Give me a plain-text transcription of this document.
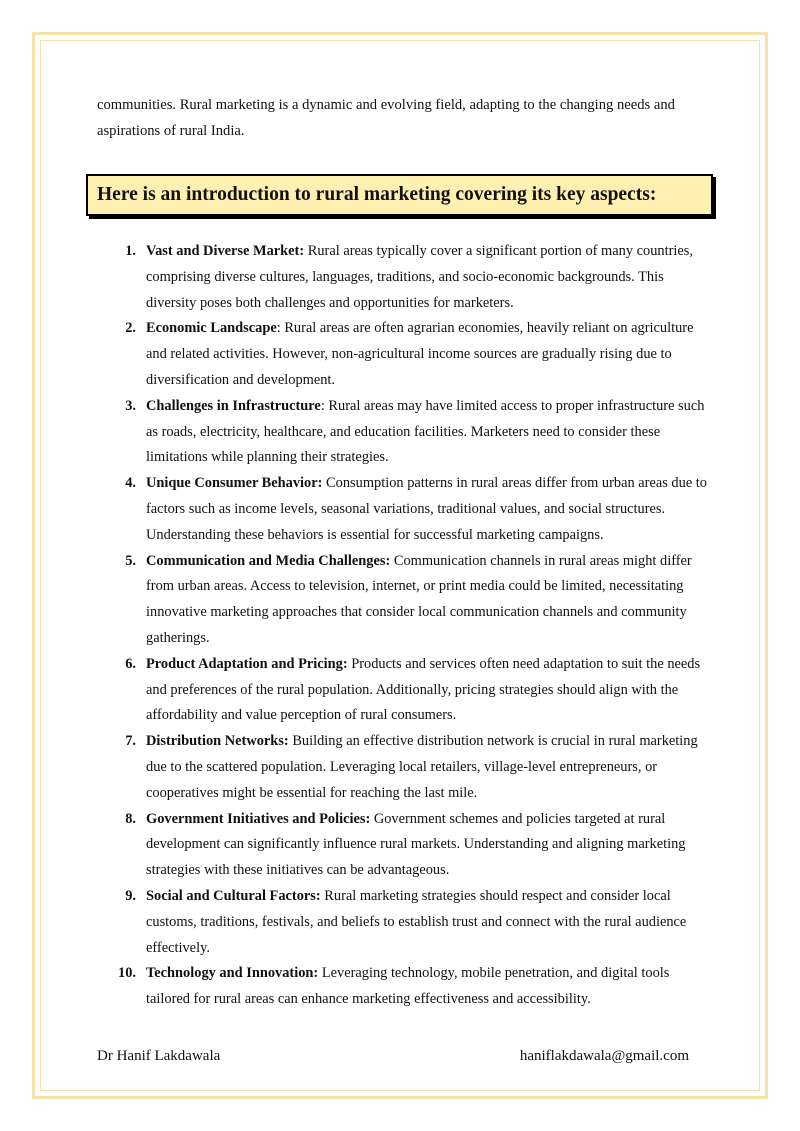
communities. Rural marketing is a dynamic and evolving field, adapting to the changing needs and aspirations of rural India.

Here is an introduction to rural marketing covering its key aspects:
1. Vast and Diverse Market: Rural areas typically cover a significant portion of many countries, comprising diverse cultures, languages, traditions, and socio-economic backgrounds. This diversity poses both challenges and opportunities for marketers.
2. Economic Landscape: Rural areas are often agrarian economies, heavily reliant on agriculture and related activities. However, non-agricultural income sources are gradually rising due to diversification and development.
3. Challenges in Infrastructure: Rural areas may have limited access to proper infrastructure such as roads, electricity, healthcare, and education facilities. Marketers need to consider these limitations while planning their strategies.
4. Unique Consumer Behavior: Consumption patterns in rural areas differ from urban areas due to factors such as income levels, seasonal variations, traditional values, and social structures. Understanding these behaviors is essential for successful marketing campaigns.
5. Communication and Media Challenges: Communication channels in rural areas might differ from urban areas. Access to television, internet, or print media could be limited, necessitating innovative marketing approaches that consider local communication channels and community gatherings.
6. Product Adaptation and Pricing: Products and services often need adaptation to suit the needs and preferences of the rural population. Additionally, pricing strategies should align with the affordability and value perception of rural consumers.
7. Distribution Networks: Building an effective distribution network is crucial in rural marketing due to the scattered population. Leveraging local retailers, village-level entrepreneurs, or cooperatives might be essential for reaching the last mile.
8. Government Initiatives and Policies: Government schemes and policies targeted at rural development can significantly influence rural markets. Understanding and aligning marketing strategies with these initiatives can be advantageous.
9. Social and Cultural Factors: Rural marketing strategies should respect and consider local customs, traditions, festivals, and beliefs to establish trust and connect with the rural audience effectively.
10. Technology and Innovation: Leveraging technology, mobile penetration, and digital tools tailored for rural areas can enhance marketing effectiveness and accessibility.
Dr Hanif Lakdawala	haniflakdawala@gmail.com
